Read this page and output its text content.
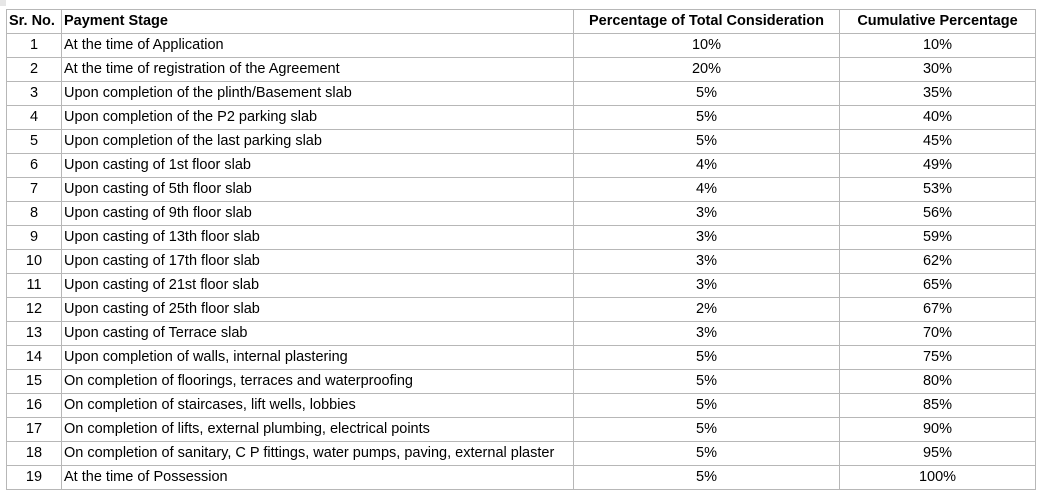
Sr. No.	Payment Stage	Percentage of Total Consideration	Cumulative Percentage
1	At the time of Application	10%	10%
2	At the time of registration of the Agreement	20%	30%
3	Upon completion of the plinth/Basement slab	5%	35%
4	Upon completion of the P2 parking slab	5%	40%
5	Upon completion of the last parking slab	5%	45%
6	Upon casting of 1st floor slab	4%	49%
7	Upon casting of 5th floor slab	4%	53%
8	Upon casting of 9th floor slab	3%	56%
9	Upon casting of 13th floor slab	3%	59%
10	Upon casting of 17th floor slab	3%	62%
11	Upon casting of 21st floor slab	3%	65%
12	Upon casting of 25th floor slab	2%	67%
13	Upon casting of Terrace slab	3%	70%
14	Upon completion of walls, internal plastering	5%	75%
15	On completion of floorings, terraces and waterproofing	5%	80%
16	On completion of staircases, lift wells, lobbies	5%	85%
17	On completion of lifts, external plumbing, electrical points	5%	90%
18	On completion of sanitary, C P fittings, water pumps, paving, external plaster	5%	95%
19	At the time of Possession	5%	100%
